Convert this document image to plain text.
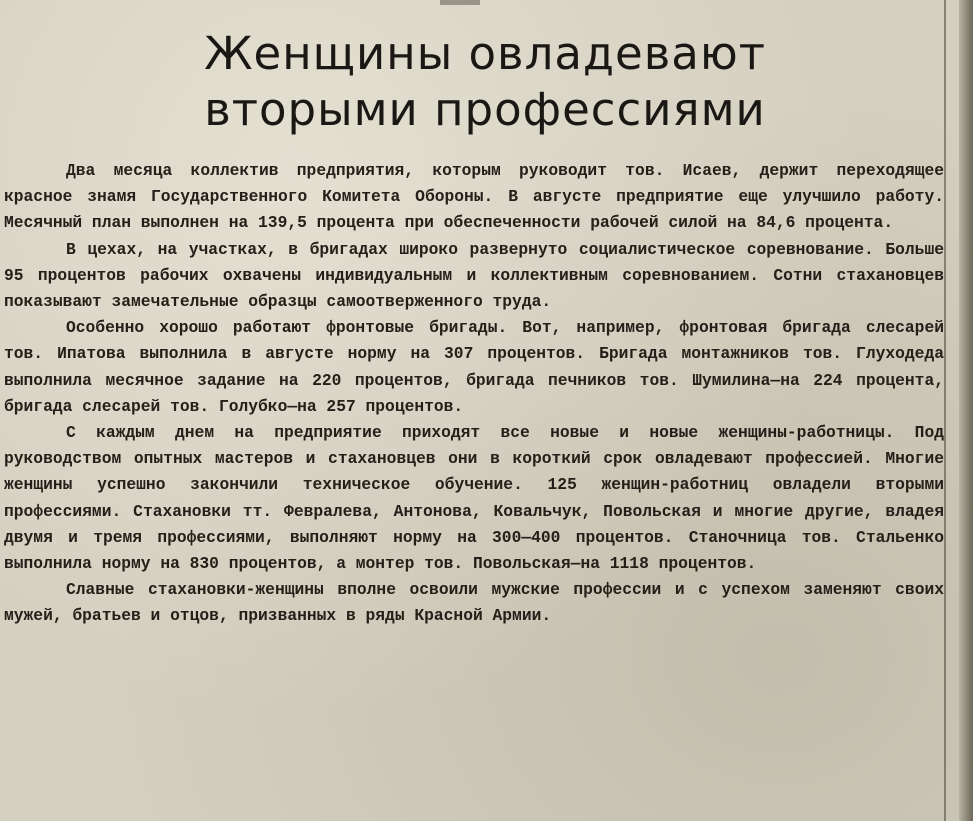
Женщины овладевают
вторыми профессиями

Два месяца коллектив предприятия, которым руководит тов. Исаев, держит переходящее красное знамя Государственного Комитета Обороны. В августе предприятие еще улучшило работу. Месячный план выполнен на 139,5 процента при обеспеченности рабочей силой на 84,6 процента.

В цехах, на участках, в бригадах широко развернуто социалистическое соревнование. Больше 95 процентов рабочих охвачены индивидуальным и коллективным соревнованием. Сотни стахановцев показывают замечательные образцы самоотверженного труда.

Особенно хорошо работают фронтовые бригады. Вот, например, фронтовая бригада слесарей тов. Ипатова выполнила в августе норму на 307 процентов. Бригада монтажников тов. Глуходеда выполнила месячное задание на 220 процентов, бригада печников тов. Шумилина—на 224 процента, бригада слесарей тов. Голубко—на 257 процентов.

С каждым днем на предприятие приходят все новые и новые женщины-работницы. Под руководством опытных мастеров и стахановцев они в короткий срок овладевают профессией. Многие женщины успешно закончили техническое обучение. 125 женщин-работниц овладели вторыми профессиями. Стахановки тт. Февралева, Антонова, Ковальчук, Повольская и многие другие, владея двумя и тремя профессиями, выполняют норму на 300—400 процентов. Станочница тов. Стальенко выполнила норму на 830 процентов, а монтер тов. Повольская—на 1118 процентов.

Славные стахановки-женщины вполне освоили мужские профессии и с успехом заменяют своих мужей, братьев и отцов, призванных в ряды Красной Армии.
